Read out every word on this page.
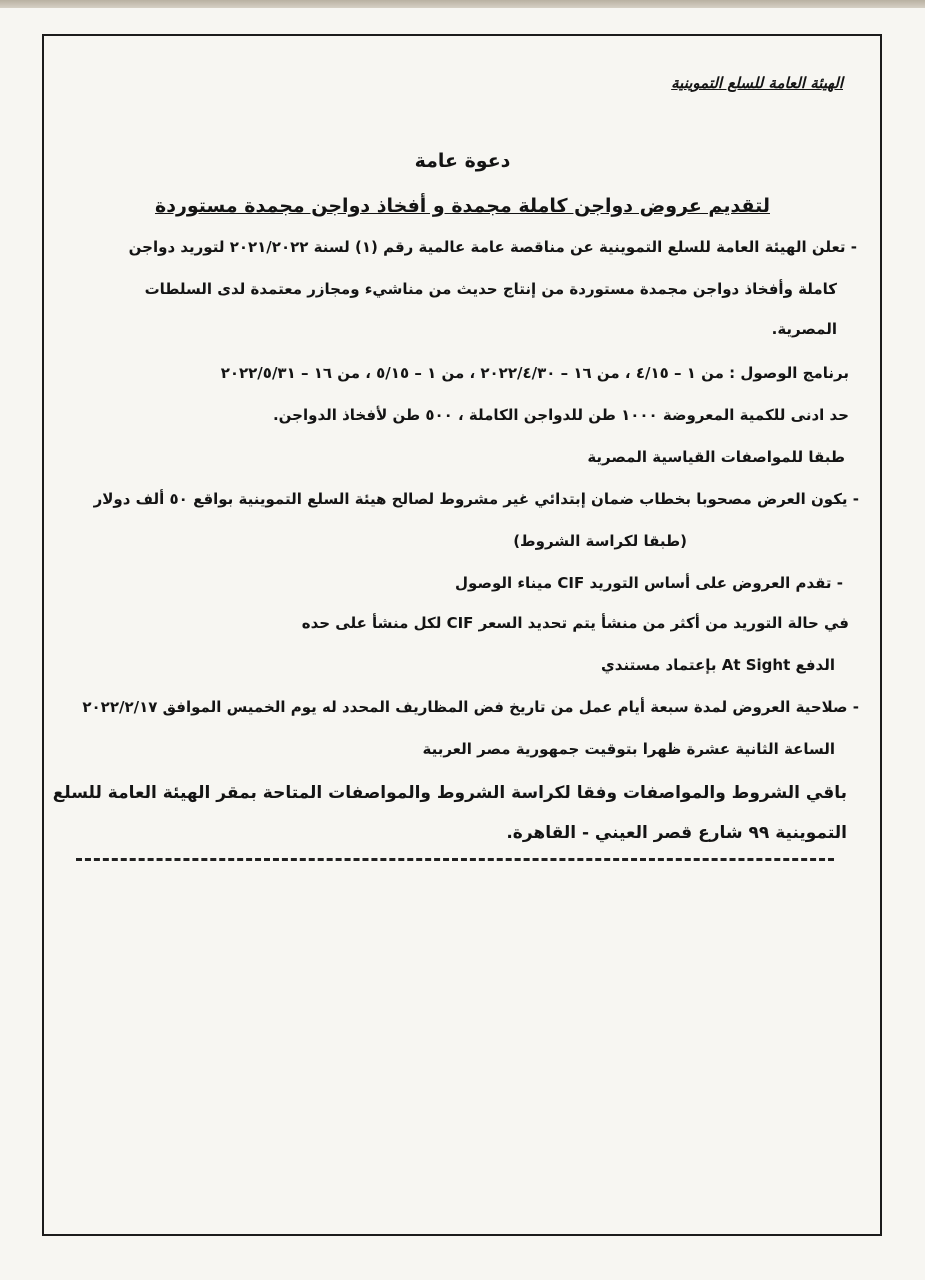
الهيئة العامة للسلع التموينية
دعوة عامة
لتقديم عروض دواجن كاملة مجمدة و أفخاذ دواجن مجمدة مستوردة
- تعلن الهيئة العامة للسلع التموينية عن مناقصة عامة عالمية رقم (١) لسنة ٢٠٢١/٢٠٢٢ لتوريد دواجن
كاملة وأفخاذ دواجن مجمدة مستوردة من إنتاج حديث من مناشيء ومجازر معتمدة لدى السلطات
المصرية.
برنامج الوصول : من ١ – ٤/١٥ ، من ١٦ – ٢٠٢٢/٤/٣٠ ، من ١ – ٥/١٥ ، من ١٦ – ٢٠٢٢/٥/٣١
حد ادنى للكمية المعروضة ١٠٠٠ طن للدواجن الكاملة ، ٥٠٠ طن لأفخاذ الدواجن.
طبقا للمواصفات القياسية المصرية
- يكون العرض مصحوبا بخطاب ضمان إبتدائي غير مشروط لصالح هيئة السلع التموينية بواقع ٥٠ ألف دولار
(طبقا لكراسة الشروط)
- تقدم العروض على أساس التوريد CIF ميناء الوصول
في حالة التوريد من أكثر من منشأ يتم تحديد السعر CIF لكل منشأ على حده
الدفع At Sight بإعتماد مستندي
- صلاحية العروض لمدة سبعة أيام عمل من تاريخ فض المظاريف المحدد له يوم الخميس الموافق ٢٠٢٢/٢/١٧
الساعة الثانية عشرة ظهرا بتوقيت جمهورية مصر العربية
باقي الشروط والمواصفات وفقا لكراسة الشروط والمواصفات المتاحة بمقر الهيئة العامة للسلع
التموينية ٩٩ شارع قصر العيني - القاهرة.
